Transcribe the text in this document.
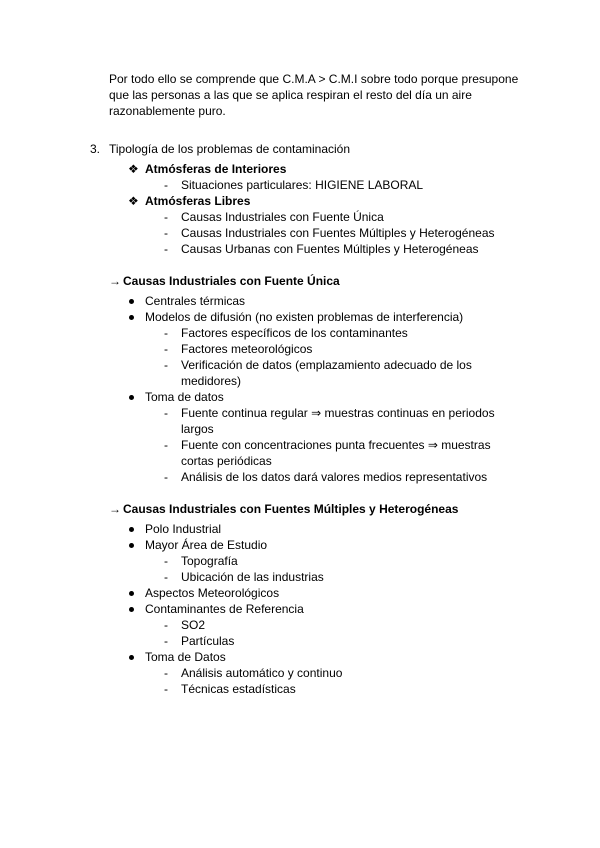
Por todo ello se comprende que C.M.A > C.M.I sobre todo porque presupone
que las personas a las que se aplica respiran el resto del día un aire
razonablemente puro.
3. Tipología de los problemas de contaminación
❖ Atmósferas de Interiores
- Situaciones particulares: HIGIENE LABORAL
❖ Atmósferas Libres
- Causas Industriales con Fuente Única
- Causas Industriales con Fuentes Múltiples y Heterogéneas
- Causas Urbanas con Fuentes Múltiples y Heterogéneas
→ Causas Industriales con Fuente Única
Centrales térmicas
Modelos de difusión (no existen problemas de interferencia)
- Factores específicos de los contaminantes
- Factores meteorológicos
- Verificación de datos (emplazamiento adecuado de los
medidores)
Toma de datos
- Fuente continua regular ⇒ muestras continuas en periodos
largos
- Fuente con concentraciones punta frecuentes ⇒ muestras
cortas periódicas
- Análisis de los datos dará valores medios representativos
→ Causas Industriales con Fuentes Múltiples y Heterogéneas
Polo Industrial
Mayor Área de Estudio
- Topografía
- Ubicación de las industrias
Aspectos Meteorológicos
Contaminantes de Referencia
- SO2
- Partículas
Toma de Datos
- Análisis automático y continuo
- Técnicas estadísticas
